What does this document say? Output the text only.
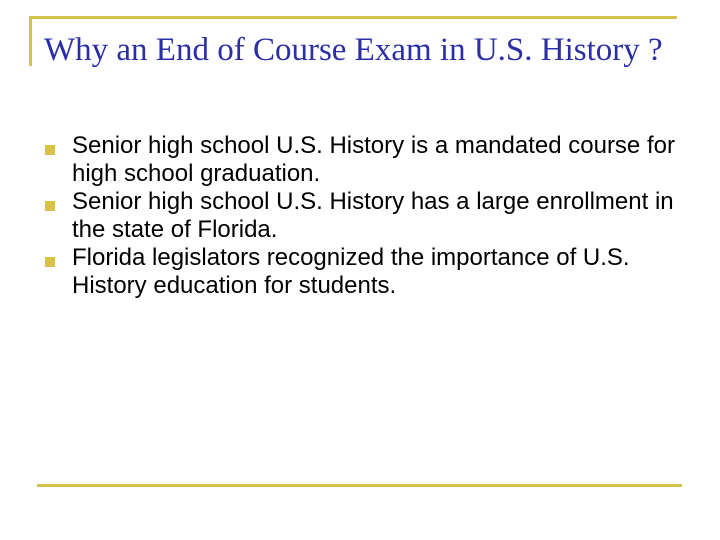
Why an End of Course Exam in U.S. History ?
Senior high school U.S. History is a mandated course for high school graduation.
Senior high school U.S. History has a large enrollment in the state of Florida.
Florida legislators recognized the importance of U.S. History education for students.
